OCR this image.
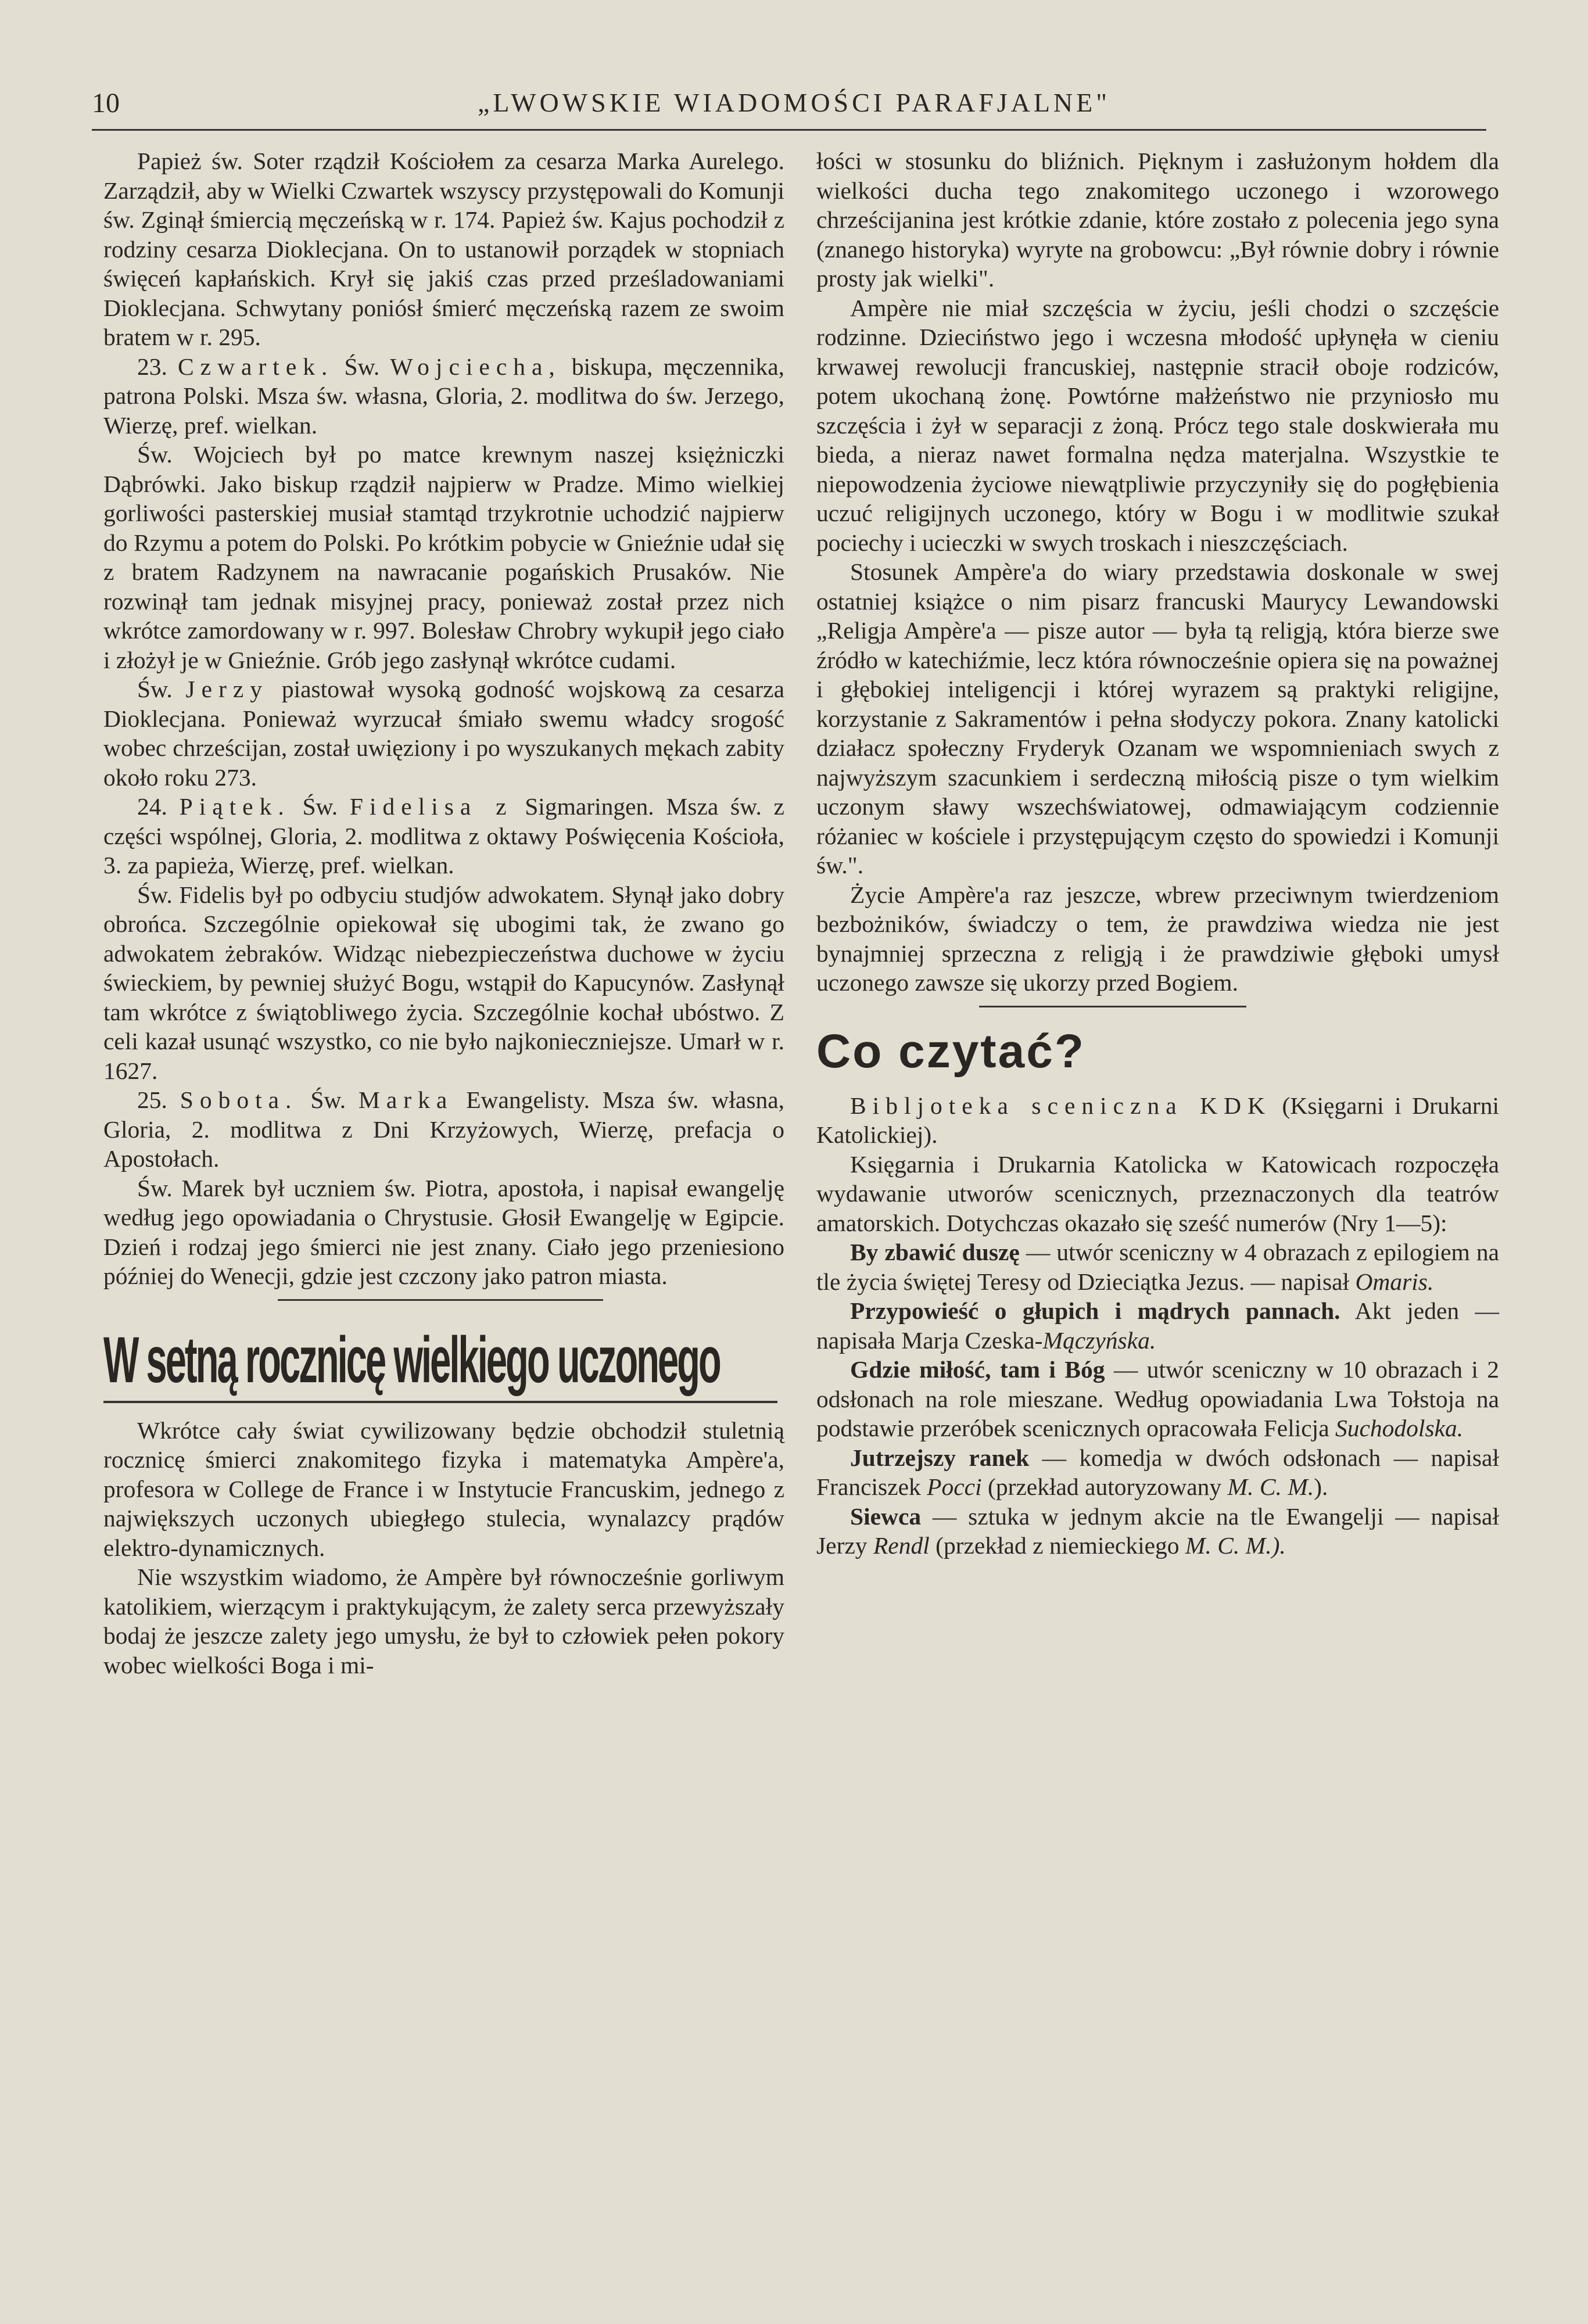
10	„LWOWSKIE WIADOMOŚCI PARAFJALNE"

Papież św. Soter rządził Kościołem za cesarza Marka Aurelego. Zarządził, aby w Wielki Czwartek wszyscy przystępowali do Komunji św. Zginął śmiercią męczeńską w r. 174. Papież św. Kajus pochodził z rodziny cesarza Dioklecjana. On to ustanowił porządek w stopniach święceń kapłańskich. Krył się jakiś czas przed prześladowaniami Dioklecjana. Schwytany poniósł śmierć męczeńską razem ze swoim bratem w r. 295.

23. Czwartek. Św. Wojciecha, biskupa, męczennika, patrona Polski. Msza św. własna, Gloria, 2. modlitwa do św. Jerzego, Wierzę, pref. wielkan.

Św. Wojciech był po matce krewnym naszej księżniczki Dąbrówki. Jako biskup rządził najpierw w Pradze. Mimo wielkiej gorliwości pasterskiej musiał stamtąd trzykrotnie uchodzić najpierw do Rzymu a potem do Polski. Po krótkim pobycie w Gnieźnie udał się z bratem Radzynem na nawracanie pogańskich Prusaków. Nie rozwinął tam jednak misyjnej pracy, ponieważ został przez nich wkrótce zamordowany w r. 997. Bolesław Chrobry wykupił jego ciało i złożył je w Gnieźnie. Grób jego zasłynął wkrótce cudami.

Św. Jerzy piastował wysoką godność wojskową za cesarza Dioklecjana. Ponieważ wyrzucał śmiało swemu władcy srogość wobec chrześcijan, został uwięziony i po wyszukanych mękach zabity około roku 273.

24. Piątek. Św. Fidelisa z Sigmaringen. Msza św. z części wspólnej, Gloria, 2. modlitwa z oktawy Poświęcenia Kościoła, 3. za papieża, Wierzę, pref. wielkan.

Św. Fidelis był po odbyciu studjów adwokatem. Słynął jako dobry obrońca. Szczególnie opiekował się ubogimi tak, że zwano go adwokatem żebraków. Widząc niebezpieczeństwa duchowe w życiu świeckiem, by pewniej służyć Bogu, wstąpił do Kapucynów. Zasłynął tam wkrótce z świątobliwego życia. Szczególnie kochał ubóstwo. Z celi kazał usunąć wszystko, co nie było najkonieczniejsze. Umarł w r. 1627.

25. Sobota. Św. Marka Ewangelisty. Msza św. własna, Gloria, 2. modlitwa z Dni Krzyżowych, Wierzę, prefacja o Apostołach.

Św. Marek był uczniem św. Piotra, apostoła, i napisał ewangelję według jego opowiadania o Chrystusie. Głosił Ewangelję w Egipcie. Dzień i rodzaj jego śmierci nie jest znany. Ciało jego przeniesiono później do Wenecji, gdzie jest czczony jako patron miasta.

W setną rocznicę wielkiego uczonego

Wkrótce cały świat cywilizowany będzie obchodził stuletnią rocznicę śmierci znakomitego fizyka i matematyka Ampère'a, profesora w College de France i w Instytucie Francuskim, jednego z największych uczonych ubiegłego stulecia, wynalazcy prądów elektro-dynamicznych.

Nie wszystkim wiadomo, że Ampère był równocześnie gorliwym katolikiem, wierzącym i praktykującym, że zalety serca przewyższały bodaj że jeszcze zalety jego umysłu, że był to człowiek pełen pokory wobec wielkości Boga i mi-

łości w stosunku do bliźnich. Pięknym i zasłużonym hołdem dla wielkości ducha tego znakomitego uczonego i wzorowego chrześcijanina jest krótkie zdanie, które zostało z polecenia jego syna (znanego historyka) wyryte na grobowcu: „Był równie dobry i równie prosty jak wielki".

Ampère nie miał szczęścia w życiu, jeśli chodzi o szczęście rodzinne. Dzieciństwo jego i wczesna młodość upłynęła w cieniu krwawej rewolucji francuskiej, następnie stracił oboje rodziców, potem ukochaną żonę. Powtórne małżeństwo nie przyniosło mu szczęścia i żył w separacji z żoną. Prócz tego stale doskwierała mu bieda, a nieraz nawet formalna nędza materjalna. Wszystkie te niepowodzenia życiowe niewątpliwie przyczyniły się do pogłębienia uczuć religijnych uczonego, który w Bogu i w modlitwie szukał pociechy i ucieczki w swych troskach i nieszczęściach.

Stosunek Ampère'a do wiary przedstawia doskonale w swej ostatniej książce o nim pisarz francuski Maurycy Lewandowski „Religja Ampère'a — pisze autor — była tą religją, która bierze swe źródło w katechiźmie, lecz która równocześnie opiera się na poważnej i głębokiej inteligencji i której wyrazem są praktyki religijne, korzystanie z Sakramentów i pełna słodyczy pokora. Znany katolicki działacz społeczny Fryderyk Ozanam we wspomnieniach swych z najwyższym szacunkiem i serdeczną miłością pisze o tym wielkim uczonym sławy wszechświatowej, odmawiającym codziennie różaniec w kościele i przystępującym często do spowiedzi i Komunji św.".

Życie Ampère'a raz jeszcze, wbrew przeciwnym twierdzeniom bezbożników, świadczy o tem, że prawdziwa wiedza nie jest bynajmniej sprzeczna z religją i że prawdziwie głęboki umysł uczonego zawsze się ukorzy przed Bogiem.

Co czytać?

Bibljoteka sceniczna KDK (Księgarni i Drukarni Katolickiej).

Księgarnia i Drukarnia Katolicka w Katowicach rozpoczęła wydawanie utworów scenicznych, przeznaczonych dla teatrów amatorskich. Dotychczas okazało się sześć numerów (Nry 1—5):

By zbawić duszę — utwór sceniczny w 4 obrazach z epilogiem na tle życia świętej Teresy od Dzieciątka Jezus. — napisał Omaris.

Przypowieść o głupich i mądrych pannach. Akt jeden — napisała Marja Czeska-Mączyńska.

Gdzie miłość, tam i Bóg — utwór sceniczny w 10 obrazach i 2 odsłonach na role mieszane. Według opowiadania Lwa Tołstoja na podstawie przeróbek scenicznych opracowała Felicja Suchodolska.

Jutrzejszy ranek — komedja w dwóch odsłonach — napisał Franciszek Pocci (przekład autoryzowany M. C. M.).

Siewca — sztuka w jednym akcie na tle Ewangelji — napisał Jerzy Rendl (przekład z niemieckiego M. C. M.).
